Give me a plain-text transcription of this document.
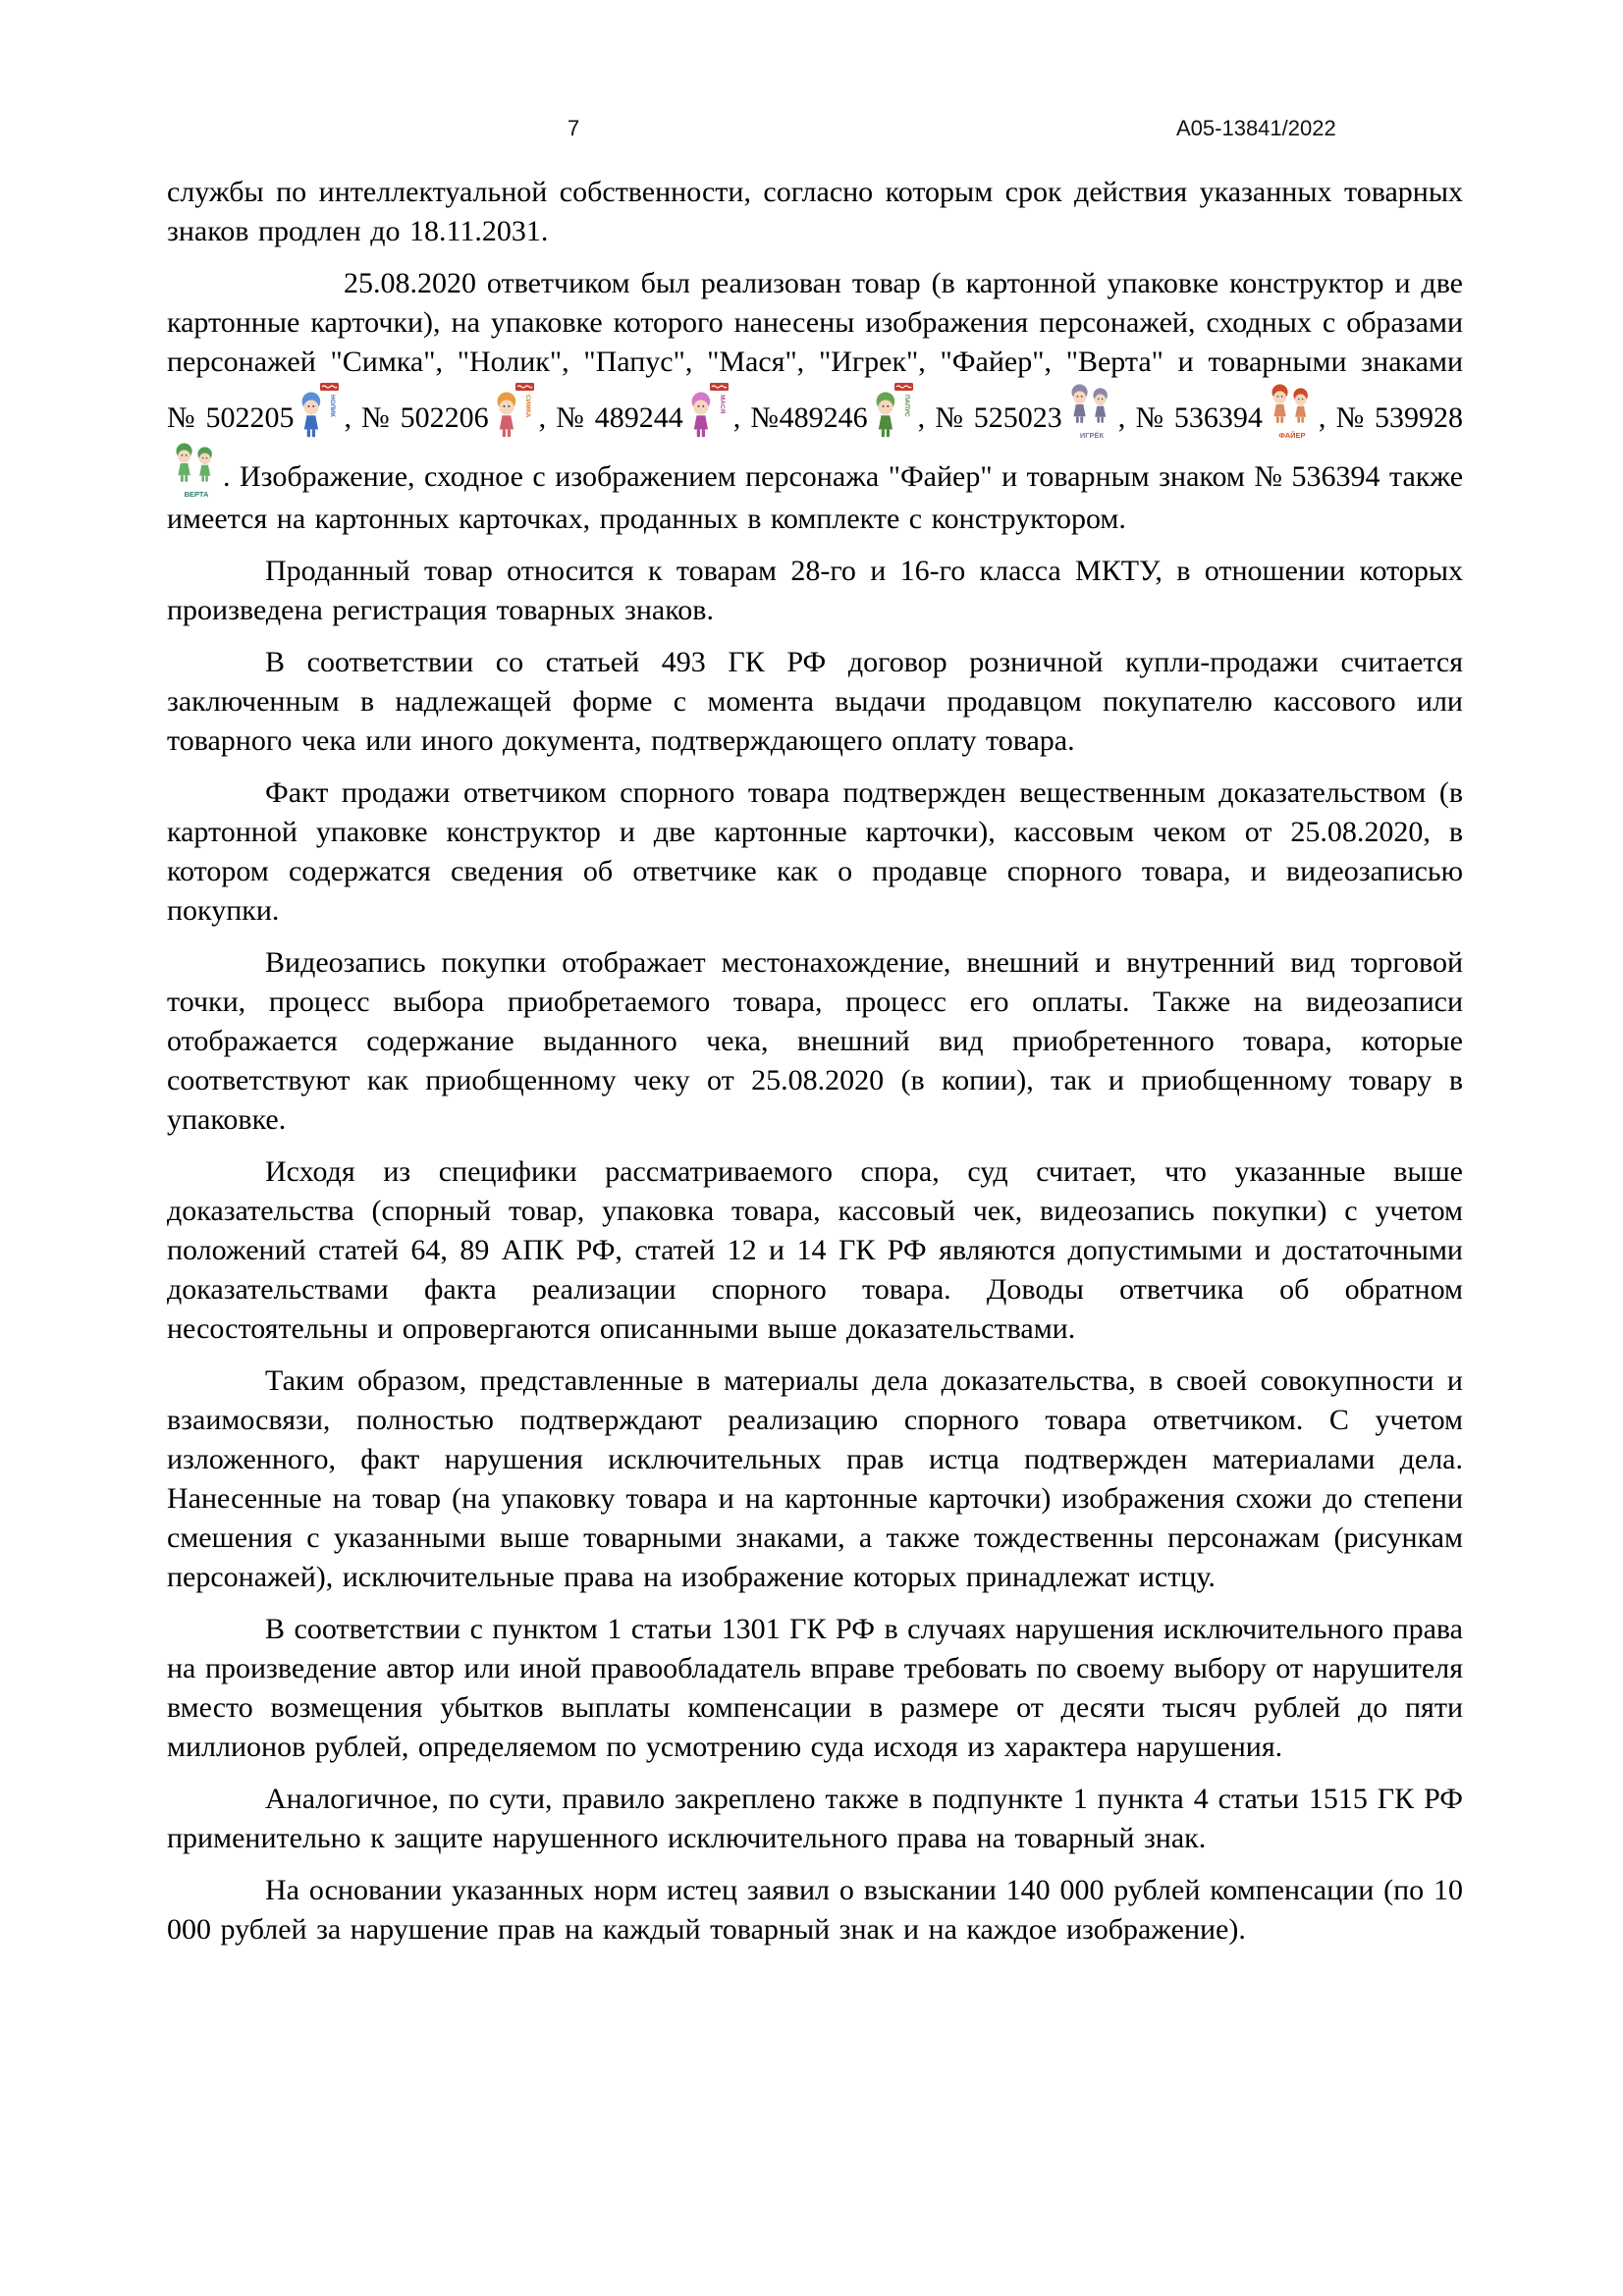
7	А05-13841/2022

службы по интеллектуальной собственности, согласно которым срок действия указанных товарных знаков продлен до 18.11.2031.

25.08.2020 ответчиком был реализован товар (в картонной упаковке конструктор и две картонные карточки), на упаковке которого нанесены изображения персонажей, сходных с образами персонажей "Симка", "Нолик", "Папус", "Мася", "Игрек", "Файер", "Верта" и товарными знаками № 502205	НОЛИК , № 502206	СИМКА , № 489244	МАСЯ , №489246	ПАПУС , № 525023
ИГРЁК
, № 536394
ФАЙЕР
, № 539928
ВЕРТА
. Изображение, сходное с изображением персонажа "Файер" и товарным знаком № 536394 также имеется на картонных карточках, проданных в комплекте с конструктором.

Проданный товар относится к товарам 28-го и 16-го класса МКТУ, в отношении которых произведена регистрация товарных знаков.

В соответствии со статьей 493 ГК РФ договор розничной купли-продажи считается заключенным в надлежащей форме с момента выдачи продавцом покупателю кассового или товарного чека или иного документа, подтверждающего оплату товара.

Факт продажи ответчиком спорного товара подтвержден вещественным доказательством (в картонной упаковке конструктор и две картонные карточки), кассовым чеком от 25.08.2020, в котором содержатся сведения об ответчике как о продавце спорного товара, и видеозаписью покупки.

Видеозапись покупки отображает местонахождение, внешний и внутренний вид торговой точки, процесс выбора приобретаемого товара, процесс его оплаты. Также на видеозаписи отображается содержание выданного чека, внешний вид приобретенного товара, которые соответствуют как приобщенному чеку от 25.08.2020 (в копии), так и приобщенному товару в упаковке.

Исходя из специфики рассматриваемого спора, суд считает, что указанные выше доказательства (спорный товар, упаковка товара, кассовый чек, видеозапись покупки) с учетом положений статей 64, 89 АПК РФ, статей 12 и 14 ГК РФ являются допустимыми и достаточными доказательствами факта реализации спорного товара. Доводы ответчика об обратном несостоятельны и опровергаются описанными выше доказательствами.

Таким образом, представленные в материалы дела доказательства, в своей совокупности и взаимосвязи, полностью подтверждают реализацию спорного товара ответчиком. С учетом изложенного, факт нарушения исключительных прав истца подтвержден материалами дела. Нанесенные на товар (на упаковку товара и на картонные карточки) изображения схожи до степени смешения с указанными выше товарными знаками, а также тождественны персонажам (рисункам персонажей), исключительные права на изображение которых принадлежат истцу.

В соответствии с пунктом 1 статьи 1301 ГК РФ в случаях нарушения исключительного права на произведение автор или иной правообладатель вправе требовать по своему выбору от нарушителя вместо возмещения убытков выплаты компенсации в размере от десяти тысяч рублей до пяти миллионов рублей, определяемом по усмотрению суда исходя из характера нарушения.

Аналогичное, по сути, правило закреплено также в подпункте 1 пункта 4 статьи 1515 ГК РФ применительно к защите нарушенного исключительного права на товарный знак.

На основании указанных норм истец заявил о взыскании 140 000 рублей компенсации (по 10 000 рублей за нарушение прав на каждый товарный знак и на каждое изображение).
